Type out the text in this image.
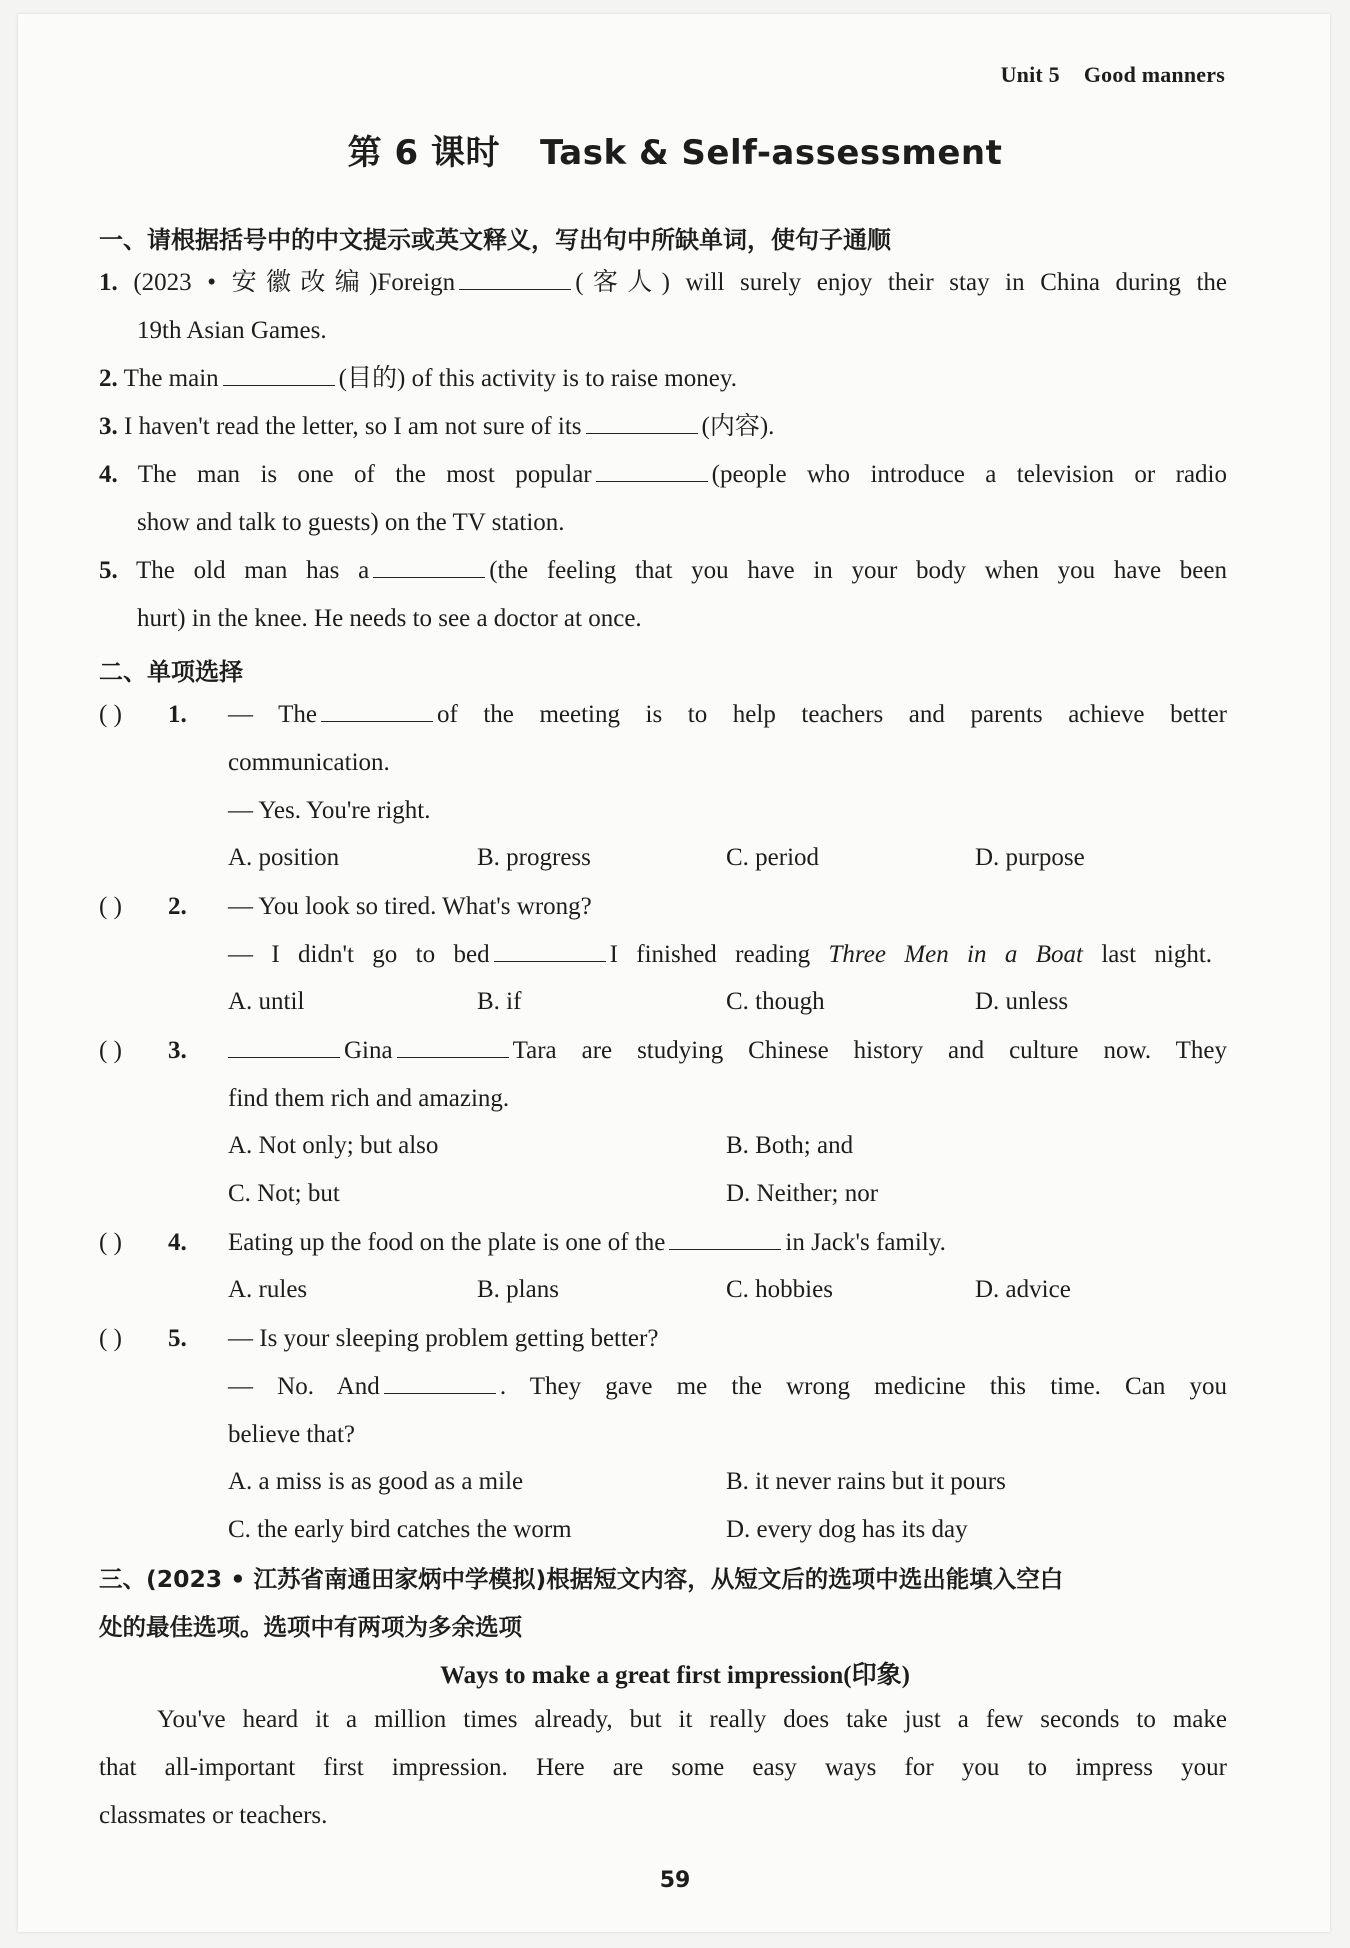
Unit 5 Good manners
第 6 课时 Task & Self-assessment
一、请根据括号中的中文提示或英文释义，写出句中所缺单词，使句子通顺
1. (2023 • 安徽改编)Foreign	(客人) will surely enjoy their stay in China during the
19th Asian Games.
2. The main	(目的) of this activity is to raise money.
3. I haven't read the letter, so I am not sure of its	(内容).
4. The man is one of the most popular	(people who introduce a television or radio
show and talk to guests) on the TV station.
5. The old man has a	(the feeling that you have in your body when you have been
hurt) in the knee. He needs to see a doctor at once.
二、单项选择
( ) 1. — The	of the meeting is to help teachers and parents achieve better
communication.
— Yes. You're right.
A. position	B. progress	C. period	D. purpose
( ) 2. — You look so tired. What's wrong?
— I didn't go to bed	I finished reading Three Men in a Boat last night.
A. until	B. if	C. though	D. unless
( ) 3.	Gina	Tara are studying Chinese history and culture now. They
find them rich and amazing.
A. Not only; but also	B. Both; and
C. Not; but	D. Neither; nor
( ) 4. Eating up the food on the plate is one of the	in Jack's family.
A. rules	B. plans	C. hobbies	D. advice
( ) 5. — Is your sleeping problem getting better?
— No. And	. They gave me the wrong medicine this time. Can you
believe that?
A. a miss is as good as a mile	B. it never rains but it pours
C. the early bird catches the worm	D. every dog has its day
三、(2023 • 江苏省南通田家炳中学模拟)根据短文内容，从短文后的选项中选出能填入空白
处的最佳选项。选项中有两项为多余选项
Ways to make a great first impression(印象)
You've heard it a million times already, but it really does take just a few seconds to make
that all-important first impression. Here are some easy ways for you to impress your
classmates or teachers.
59
